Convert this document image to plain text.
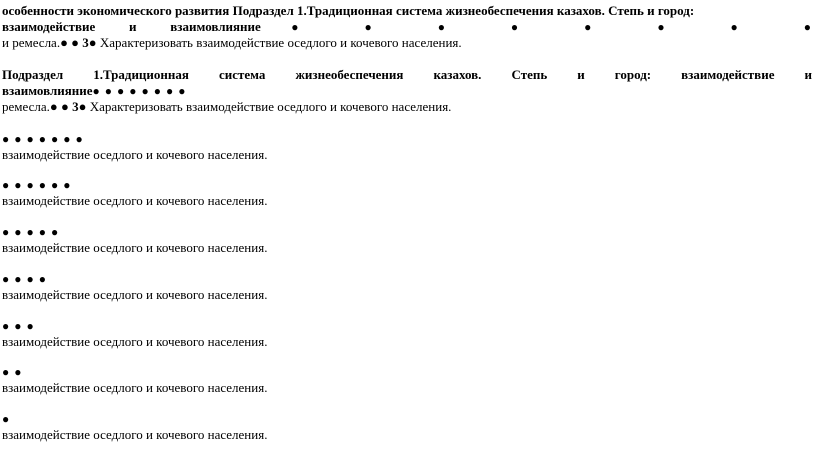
особенности экономического развития Подраздел 1.Традиционная система жизнеобеспечения казахов. Степь и город:
взаимодействие и взаимовлияние● ● ● ● ● ● ● ●
и ремесла.● ● 3● Характеризовать взаимодействие оседлого и кочевого населения.
Подраздел 1.Традиционная система жизнеобеспечения казахов. Степь и город: взаимодействие и
взаимовлияние● ● ● ● ● ● ● ●
ремесла.● ● 3● Характеризовать взаимодействие оседлого и кочевого населения.
● ● ● ● ● ● ●
взаимодействие оседлого и кочевого населения.
● ● ● ● ● ●
взаимодействие оседлого и кочевого населения.
● ● ● ● ●
взаимодействие оседлого и кочевого населения.
● ● ● ●
взаимодействие оседлого и кочевого населения.
● ● ●
взаимодействие оседлого и кочевого населения.
● ●
взаимодействие оседлого и кочевого населения.
●
взаимодействие оседлого и кочевого населения.
